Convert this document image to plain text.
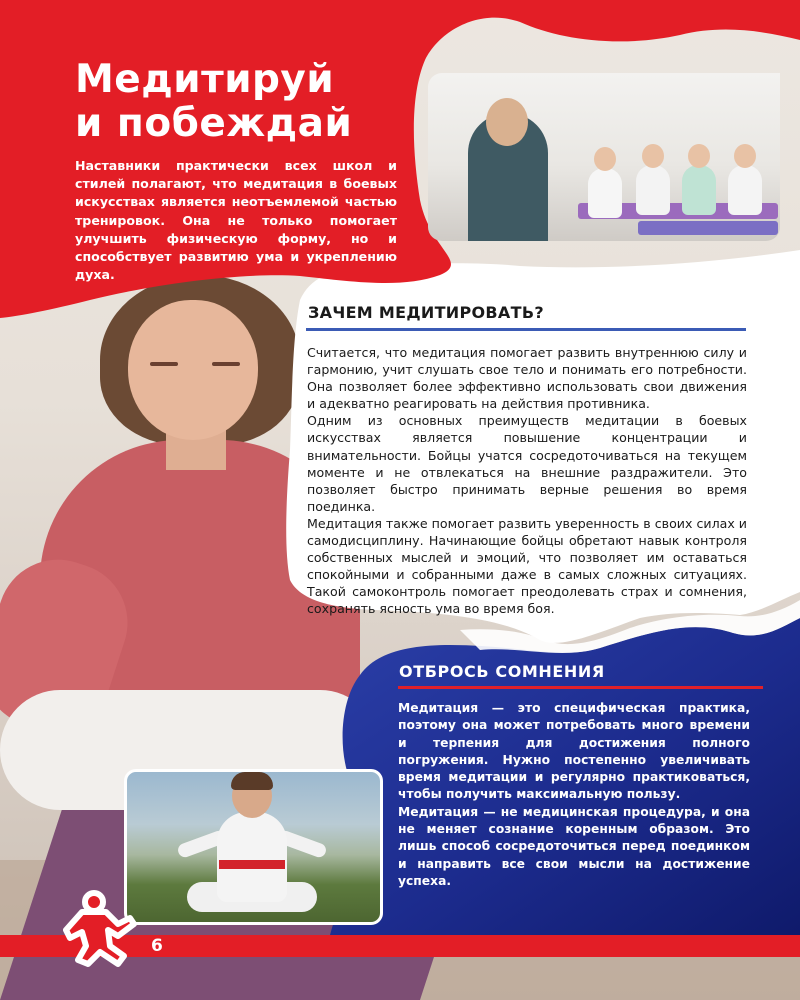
Медитируй
и побеждай

Наставники практически всех школ и стилей полагают, что медитация в боевых искусствах является неотъемлемой частью тренировок. Она не только помогает улучшить физическую форму, но и способствует развитию ума и укреплению духа.

ЗАЧЕМ МЕДИТИРОВАТЬ?
Считается, что медитация помогает развить внутреннюю силу и гармонию, учит слушать свое тело и понимать его потребности. Она позволяет более эффективно использовать свои движения и адекватно реагировать на действия противника.
Одним из основных преимуществ медитации в боевых искусствах является повышение концентрации и внимательности. Бойцы учатся сосредоточиваться на текущем моменте и не отвлекаться на внешние раздражители. Это позволяет быстро принимать верные решения во время поединка.
Медитация также помогает развить уверенность в своих силах и самодисциплину. Начинающие бойцы обретают навык контроля собственных мыслей и эмоций, что позволяет им оставаться спокойными и собранными даже в самых сложных ситуациях. Такой самоконтроль помогает преодолевать страх и сомнения, сохранять ясность ума во время боя.
ОТБРОСЬ СОМНЕНИЯ
Медитация — это специфическая практика, поэтому она может потребовать много времени и терпения для достижения полного погружения. Нужно постепенно увеличивать время медитации и регулярно практиковаться, чтобы получить максимальную пользу.
Медитация — не медицинская процедура, и она не меняет сознание коренным образом. Это лишь способ сосредоточиться перед поединком и направить все свои мысли на достижение успеха.

6
